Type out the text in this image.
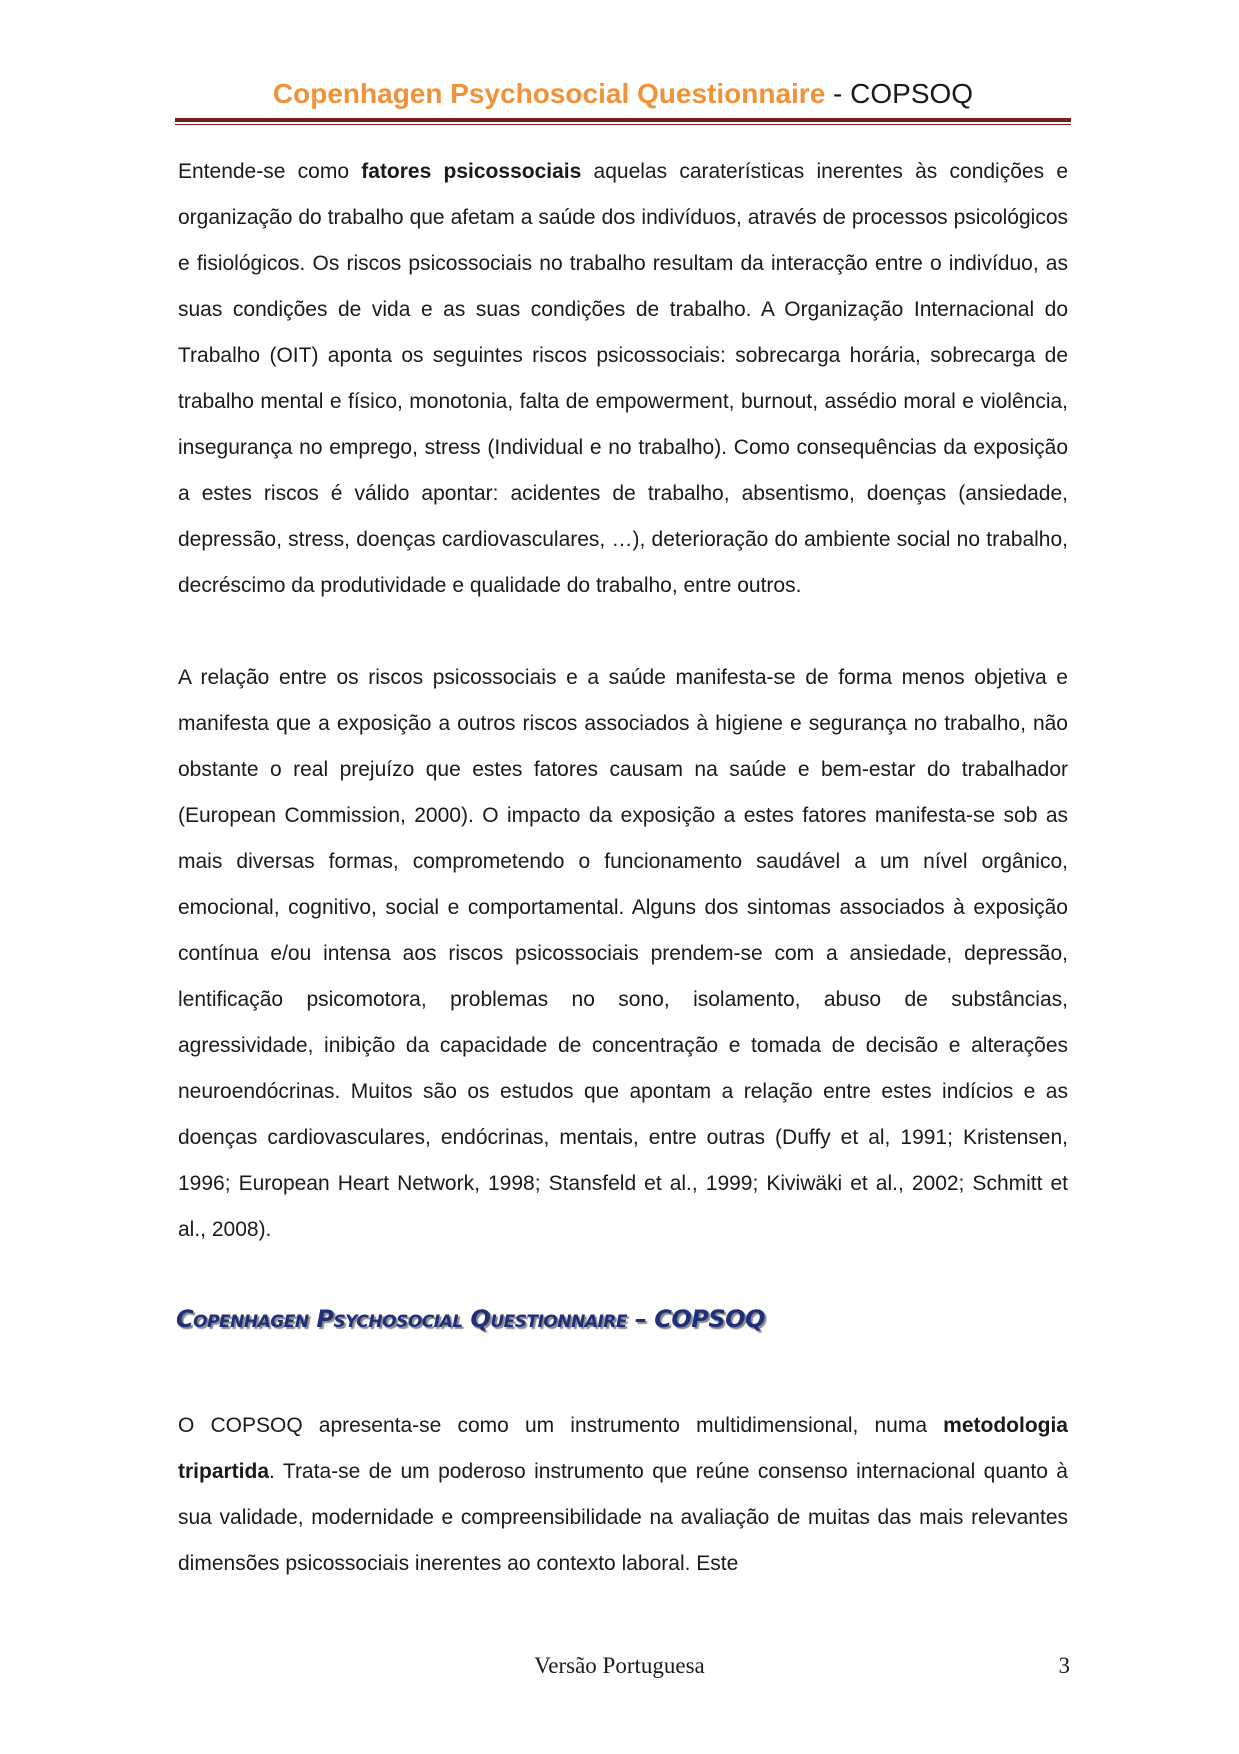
Copenhagen Psychosocial Questionnaire - COPSOQ

Entende-se como fatores psicossociais aquelas caraterísticas inerentes às condições e organização do trabalho que afetam a saúde dos indivíduos, através de processos psicológicos e fisiológicos. Os riscos psicossociais no trabalho resultam da interacção entre o indivíduo, as suas condições de vida e as suas condições de trabalho. A Organização Internacional do Trabalho (OIT) aponta os seguintes riscos psicossociais: sobrecarga horária, sobrecarga de trabalho mental e físico, monotonia, falta de empowerment, burnout, assédio moral e violência, insegurança no emprego, stress (Individual e no trabalho). Como consequências da exposição a estes riscos é válido apontar: acidentes de trabalho, absentismo, doenças (ansiedade, depressão, stress, doenças cardiovasculares, …), deterioração do ambiente social no trabalho, decréscimo da produtividade e qualidade do trabalho, entre outros.

A relação entre os riscos psicossociais e a saúde manifesta-se de forma menos objetiva e manifesta que a exposição a outros riscos associados à higiene e segurança no trabalho, não obstante o real prejuízo que estes fatores causam na saúde e bem-estar do trabalhador (European Commission, 2000). O impacto da exposição a estes fatores manifesta-se sob as mais diversas formas, comprometendo o funcionamento saudável a um nível orgânico, emocional, cognitivo, social e comportamental. Alguns dos sintomas associados à exposição contínua e/ou intensa aos riscos psicossociais prendem-se com a ansiedade, depressão, lentificação psicomotora, problemas no sono, isolamento, abuso de substâncias, agressividade, inibição da capacidade de concentração e tomada de decisão e alterações neuroendócrinas. Muitos são os estudos que apontam a relação entre estes indícios e as doenças cardiovasculares, endócrinas, mentais, entre outras (Duffy et al, 1991; Kristensen, 1996; European Heart Network, 1998; Stansfeld et al., 1999; Kiviwäki et al., 2002; Schmitt et al., 2008).

Copenhagen Psychosocial Questionnaire – COPSOQ

O COPSOQ apresenta-se como um instrumento multidimensional, numa metodologia tripartida. Trata-se de um poderoso instrumento que reúne consenso internacional quanto à sua validade, modernidade e compreensibilidade na avaliação de muitas das mais relevantes dimensões psicossociais inerentes ao contexto laboral. Este

Versão Portuguesa	3
